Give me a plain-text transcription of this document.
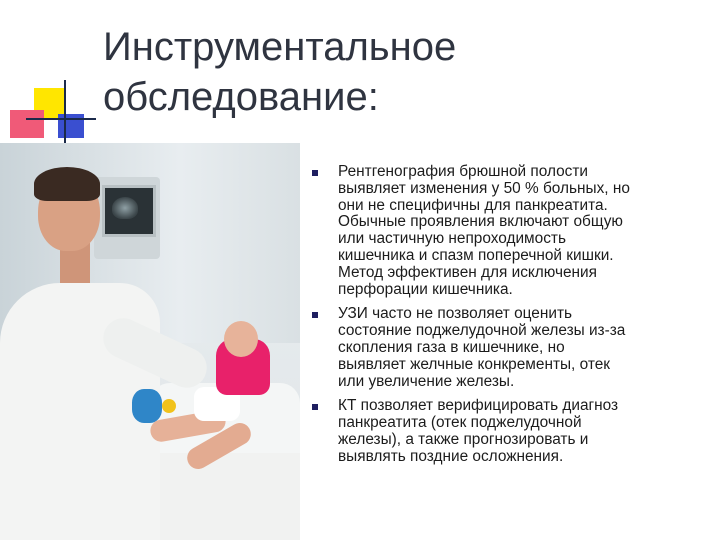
Инструментальное
обследование:
Рентгенография брюшной полости
выявляет изменения у 50 % больных, но
они не специфичны для панкреатита.
Обычные проявления включают общую
или частичную непроходимость
кишечника и спазм поперечной кишки.
Метод эффективен для исключения
перфорации кишечника.
УЗИ часто не позволяет оценить
состояние поджелудочной железы из-за
скопления газа в кишечнике, но
выявляет желчные конкременты, отек
или увеличение железы.
КТ позволяет верифицировать диагноз
панкреатита (отек поджелудочной
железы), а также прогнозировать и
выявлять поздние осложнения.
